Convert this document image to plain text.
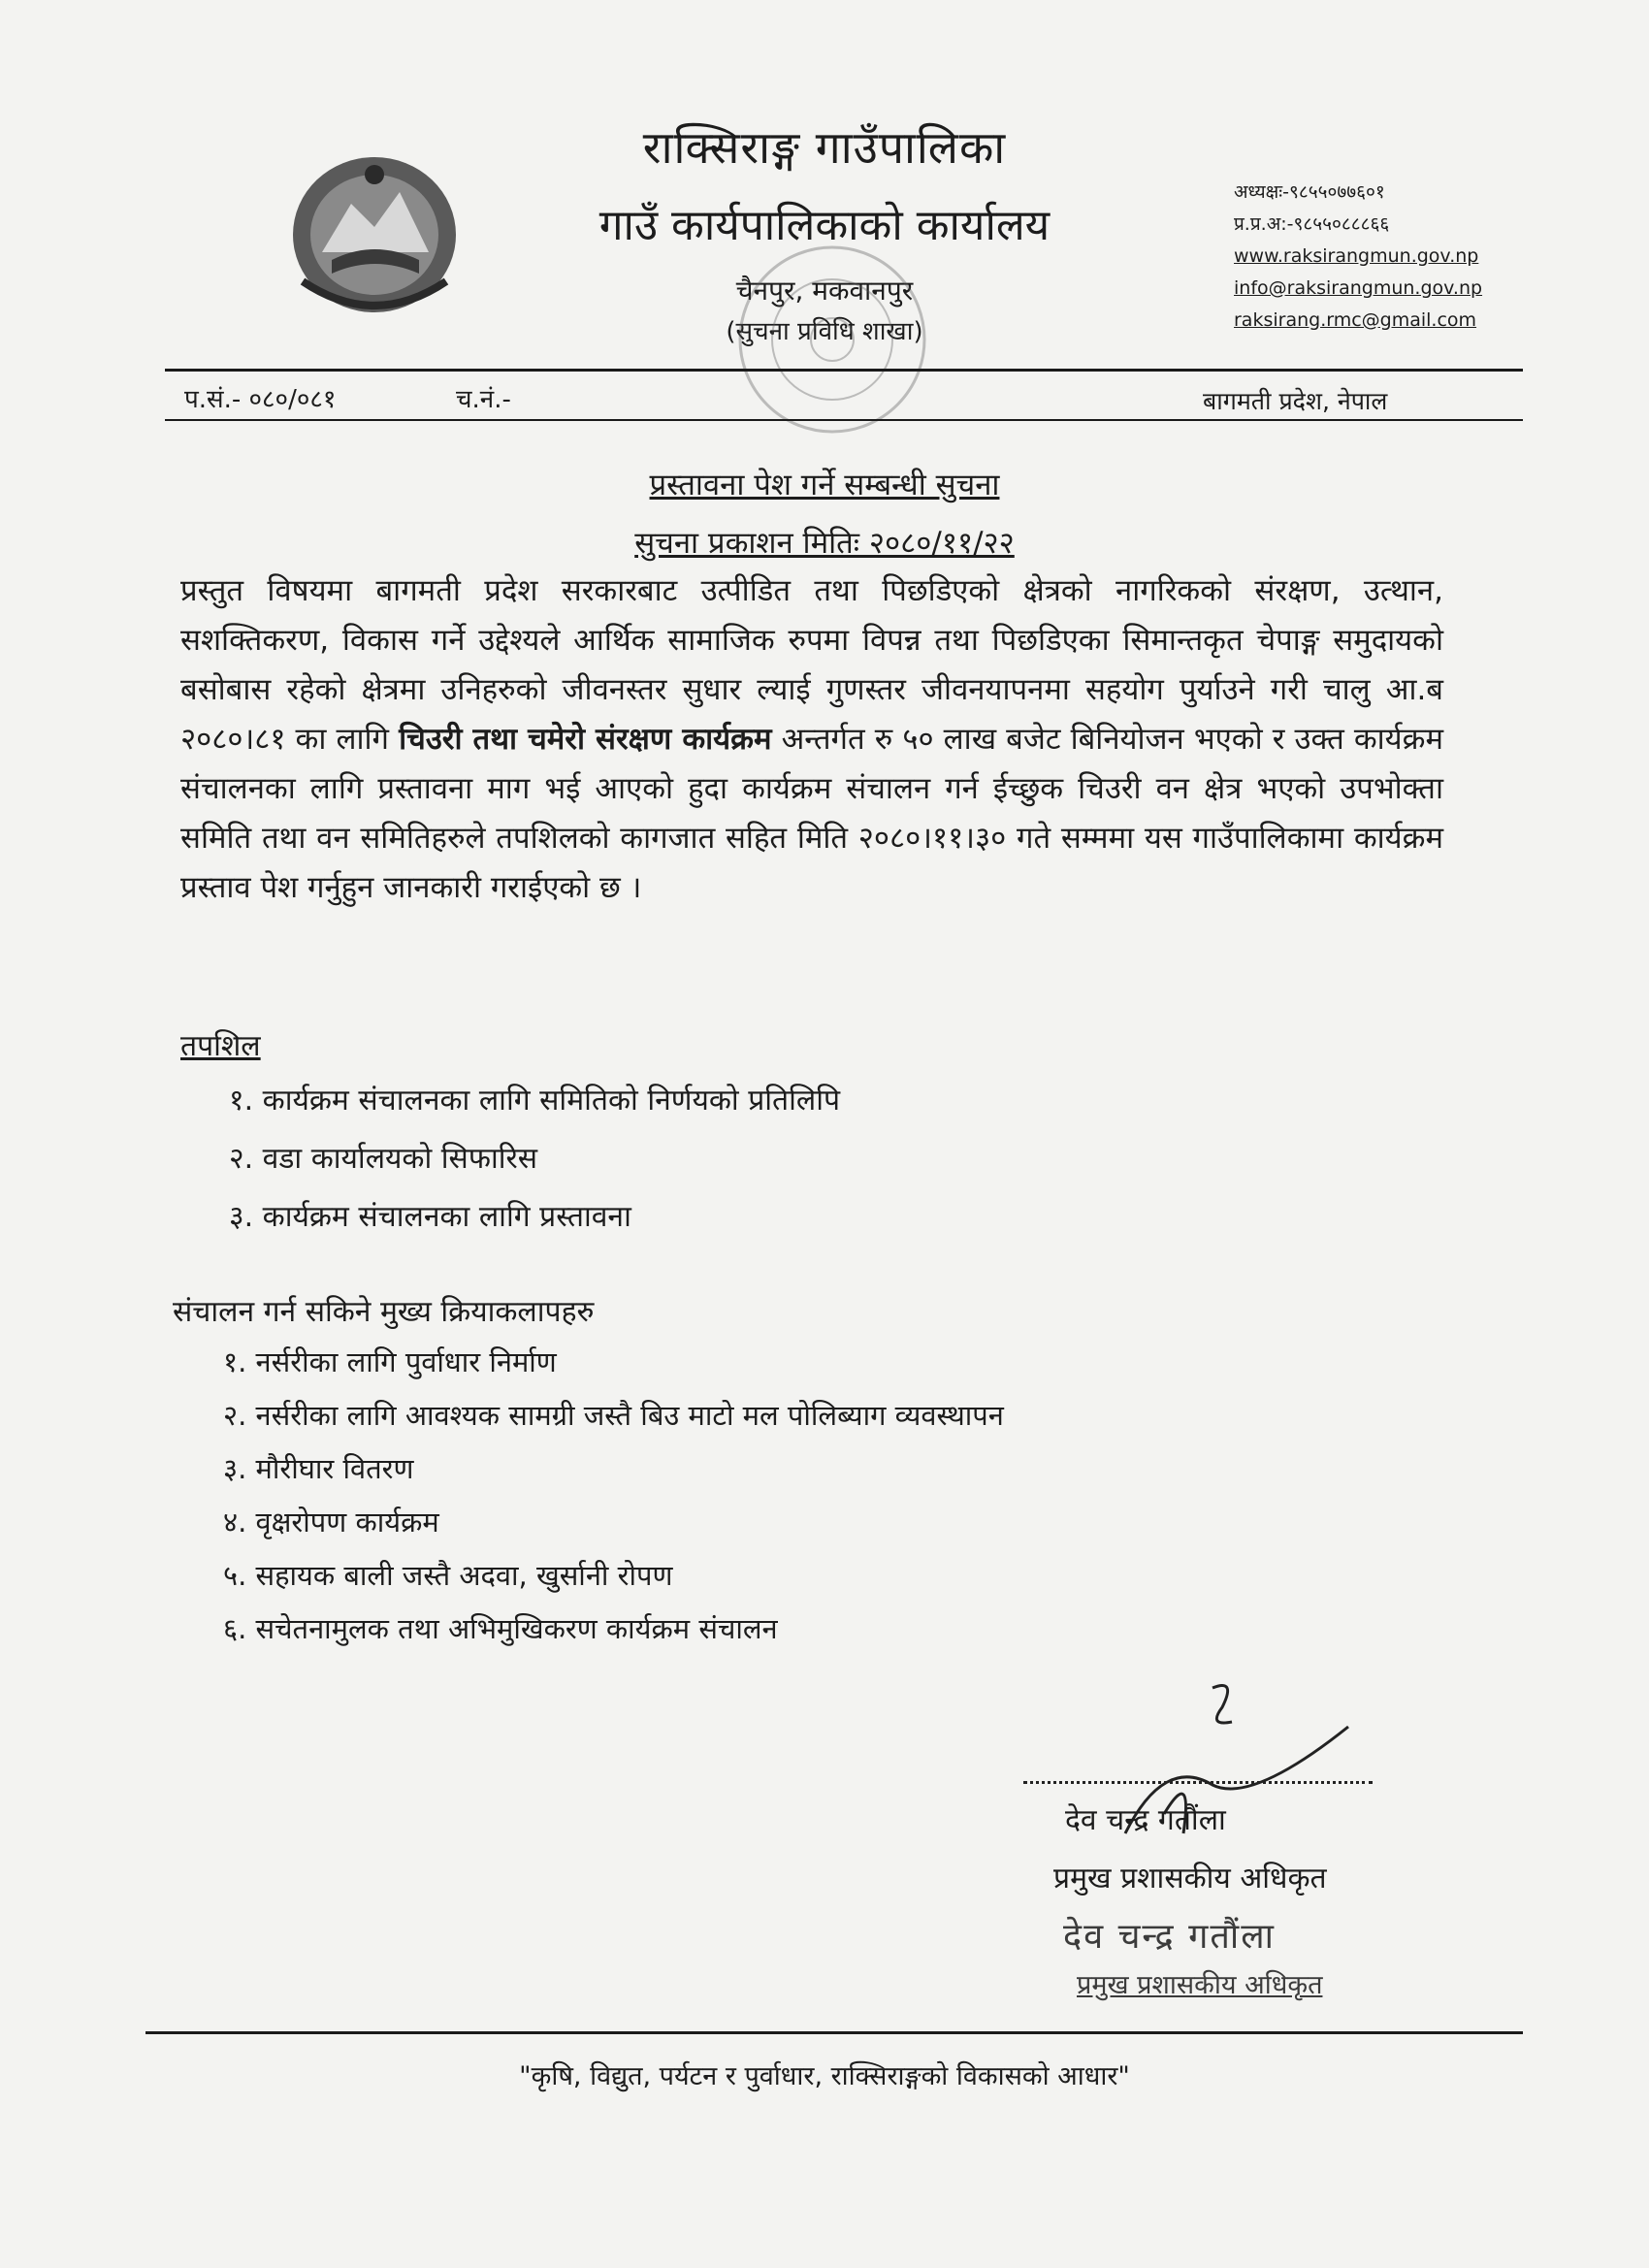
राक्सिराङ्ग गाउँपालिका
गाउँ कार्यपालिकाको कार्यालय
चैनपुर, मकवानपुर
(सुचना प्रविधि शाखा)
अध्यक्षः-९८५५०७७६०१
प्र.प्र.अ:-९८५५०८८८६६
www.raksirangmun.gov.np
info@raksirangmun.gov.np
raksirang.rmc@gmail.com
प.सं.- ०८०/०८१	च.नं.-	बागमती प्रदेश, नेपाल
प्रस्तावना पेश गर्ने सम्बन्धी सुचना
सुचना प्रकाशन मितिः २०८०/११/२२
प्रस्तुत विषयमा बागमती प्रदेश सरकारबाट उत्पीडित तथा पिछडिएको क्षेत्रको नागरिकको संरक्षण, उत्थान, सशक्तिकरण, विकास गर्ने उद्देश्यले आर्थिक सामाजिक रुपमा विपन्न तथा पिछडिएका सिमान्तकृत चेपाङ्ग समुदायको बसोबास रहेको क्षेत्रमा उनिहरुको जीवनस्तर सुधार ल्याई गुणस्तर जीवनयापनमा सहयोग पुर्याउने गरी चालु आ.ब २०८०।८१ का लागि चिउरी तथा चमेरो संरक्षण कार्यक्रम अन्तर्गत रु ५० लाख बजेट बिनियोजन भएको र उक्त कार्यक्रम संचालनका लागि प्रस्तावना माग भई आएको हुदा कार्यक्रम संचालन गर्न ईच्छुक चिउरी वन क्षेत्र भएको उपभोक्ता समिति तथा वन समितिहरुले तपशिलको कागजात सहित मिति २०८०।११।३० गते सम्ममा यस गाउँपालिकामा कार्यक्रम प्रस्ताव पेश गर्नुहुन जानकारी गराईएको छ ।
तपशिल
१. कार्यक्रम संचालनका लागि समितिको निर्णयको प्रतिलिपि
२. वडा कार्यालयको सिफारिस
३. कार्यक्रम संचालनका लागि प्रस्तावना
संचालन गर्न सकिने मुख्य क्रियाकलापहरु
१. नर्सरीका लागि पुर्वाधार निर्माण
२. नर्सरीका लागि आवश्यक सामग्री जस्तै बिउ माटो मल पोलिब्याग व्यवस्थापन
३. मौरीघार वितरण
४. वृक्षरोपण कार्यक्रम
५. सहायक बाली जस्तै अदवा, खुर्सानी रोपण
६. सचेतनामुलक तथा अभिमुखिकरण कार्यक्रम संचालन
देव चन्द्र गतौंला
प्रमुख प्रशासकीय अधिकृत
देव चन्द्र गतौंला
प्रमुख प्रशासकीय अधिकृत
"कृषि, विद्युत, पर्यटन र पुर्वाधार, राक्सिराङ्गको विकासको आधार"
